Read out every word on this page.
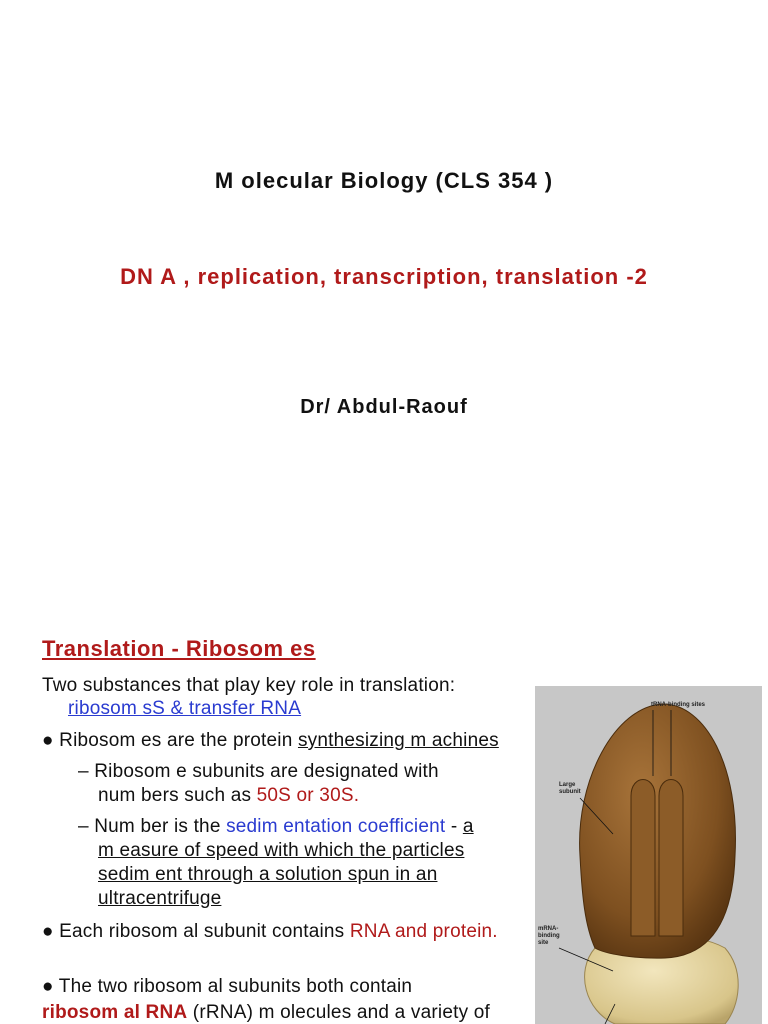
M olecular Biology (CLS 354 )
DN A , replication, transcription, translation -2
Dr/ Abdul-Raouf
Translation - Ribosom es
Two substances that play key role in translation:
ribosom sS & transfer RNA
● Ribosom es are the protein synthesizing m achines
– Ribosom e subunits are designated with
num bers such as 50S or 30S.
– Num ber is the sedim entation coefficient - a
m easure of speed with which the particles
sedim ent through a solution spun in an
ultracentrifuge
● Each ribosom al subunit contains RNA and protein.
● The two ribosom al subunits both contain
ribosom al RNA (rRNA) m olecules and a variety of
tRNA-binding sites
Large subunit
mRNA-binding site
